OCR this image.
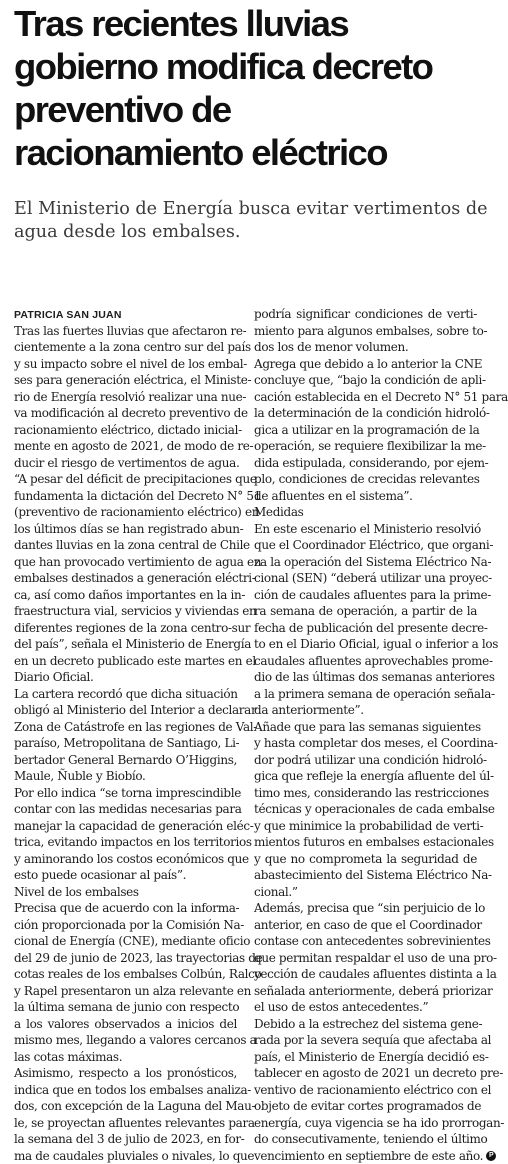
Tras recientes lluvias
gobierno modifica decreto
preventivo de
racionamiento eléctrico
El Ministerio de Energía busca evitar vertimentos de
agua desde los embalses.
PATRICIA SAN JUAN
Tras las fuertes lluvias que afectaron re-
cientemente a la zona centro sur del país
y su impacto sobre el nivel de los embal-
ses para generación eléctrica, el Ministe-
rio de Energía resolvió realizar una nue-
va modificación al decreto preventivo de
racionamiento eléctrico, dictado inicial-
mente en agosto de 2021, de modo de re-
ducir el riesgo de vertimentos de agua.
“A pesar del déficit de precipitaciones que
fundamenta la dictación del Decreto N° 51
(preventivo de racionamiento eléctrico) en
los últimos días se han registrado abun-
dantes lluvias en la zona central de Chile
que han provocado vertimiento de agua en
embalses destinados a generación eléctri-
ca, así como daños importantes en la in-
fraestructura vial, servicios y viviendas en
diferentes regiones de la zona centro-sur
del país”, señala el Ministerio de Energía
en un decreto publicado este martes en el
Diario Oficial.
La cartera recordó que dicha situación
obligó al Ministerio del Interior a declarar
Zona de Catástrofe en las regiones de Val-
paraíso, Metropolitana de Santiago, Li-
bertador General Bernardo O’Higgins,
Maule, Ñuble y Biobío.
Por ello indica “se torna imprescindible
contar con las medidas necesarias para
manejar la capacidad de generación eléc-
trica, evitando impactos en los territorios
y aminorando los costos económicos que
esto puede ocasionar al país”.
Nivel de los embalses
Precisa que de acuerdo con la informa-
ción proporcionada por la Comisión Na-
cional de Energía (CNE), mediante oficio
del 29 de junio de 2023, las trayectorias de
cotas reales de los embalses Colbún, Ralco
y Rapel presentaron un alza relevante en
la última semana de junio con respecto
a los valores observados a inicios del
mismo mes, llegando a valores cercanos a
las cotas máximas.
Asimismo, respecto a los pronósticos,
indica que en todos los embalses analiza-
dos, con excepción de la Laguna del Mau-
le, se proyectan afluentes relevantes para
la semana del 3 de julio de 2023, en for-
ma de caudales pluviales o nivales, lo que
podría significar condiciones de verti-
miento para algunos embalses, sobre to-
dos los de menor volumen.
Agrega que debido a lo anterior la CNE
concluye que, “bajo la condición de apli-
cación establecida en el Decreto N° 51 para
la determinación de la condición hidroló-
gica a utilizar en la programación de la
operación, se requiere flexibilizar la me-
dida estipulada, considerando, por ejem-
plo, condiciones de crecidas relevantes
de afluentes en el sistema”.
Medidas
En este escenario el Ministerio resolvió
que el Coordinador Eléctrico, que organi-
za la operación del Sistema Eléctrico Na-
cional (SEN) “deberá utilizar una proyec-
ción de caudales afluentes para la prime-
ra semana de operación, a partir de la
fecha de publicación del presente decre-
to en el Diario Oficial, igual o inferior a los
caudales afluentes aprovechables prome-
dio de las últimas dos semanas anteriores
a la primera semana de operación señala-
da anteriormente”.
Añade que para las semanas siguientes
y hasta completar dos meses, el Coordina-
dor podrá utilizar una condición hidroló-
gica que refleje la energía afluente del úl-
timo mes, considerando las restricciones
técnicas y operacionales de cada embalse
y que minimice la probabilidad de verti-
mientos futuros en embalses estacionales
y que no comprometa la seguridad de
abastecimiento del Sistema Eléctrico Na-
cional.”
Además, precisa que “sin perjuicio de lo
anterior, en caso de que el Coordinador
contase con antecedentes sobrevinientes
que permitan respaldar el uso de una pro-
yección de caudales afluentes distinta a la
señalada anteriormente, deberá priorizar
el uso de estos antecedentes.”
Debido a la estrechez del sistema gene-
rada por la severa sequía que afectaba al
país, el Ministerio de Energía decidió es-
tablecer en agosto de 2021 un decreto pre-
ventivo de racionamiento eléctrico con el
objeto de evitar cortes programados de
energía, cuya vigencia se ha ido prorrogan-
do consecutivamente, teniendo el último
vencimiento en septiembre de este año. P
